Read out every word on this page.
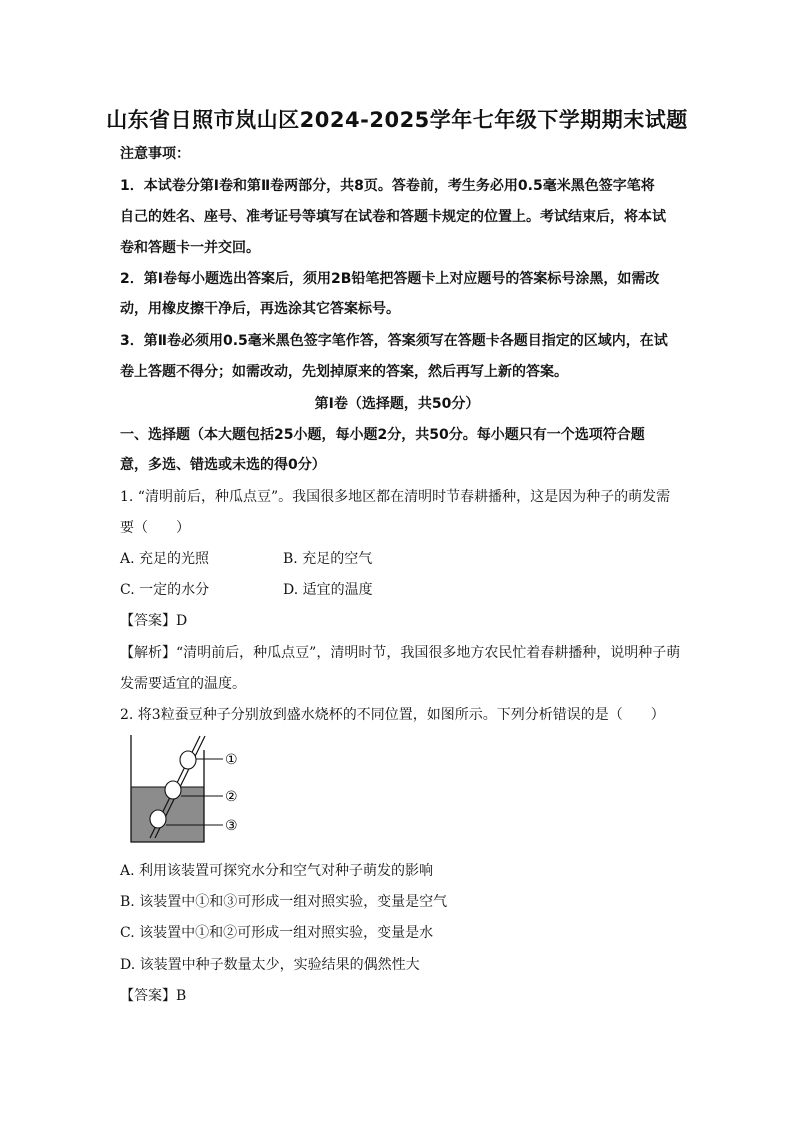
山东省日照市岚山区2024-2025学年七年级下学期期末试题
注意事项：
1．本试卷分第Ⅰ卷和第Ⅱ卷两部分，共8页。答卷前，考生务必用0.5毫米黑色签字笔将
自己的姓名、座号、准考证号等填写在试卷和答题卡规定的位置上。考试结束后，将本试
卷和答题卡一并交回。
2．第Ⅰ卷每小题选出答案后，须用2B铅笔把答题卡上对应题号的答案标号涂黑，如需改
动，用橡皮擦干净后，再选涂其它答案标号。
3．第Ⅱ卷必须用0.5毫米黑色签字笔作答，答案须写在答题卡各题目指定的区域内，在试
卷上答题不得分；如需改动，先划掉原来的答案，然后再写上新的答案。
第Ⅰ卷（选择题，共50分）
一、选择题（本大题包括25小题，每小题2分，共50分。每小题只有一个选项符合题
意，多选、错选或未选的得0分）
1. “清明前后，种瓜点豆”。我国很多地区都在清明时节春耕播种，这是因为种子的萌发需
要（　　）
A. 充足的光照	B. 充足的空气
C. 一定的水分	D. 适宜的温度
【答案】D
【解析】“清明前后，种瓜点豆”，清明时节，我国很多地方农民忙着春耕播种，说明种子萌
发需要适宜的温度。
2. 将3粒蚕豆种子分别放到盛水烧杯的不同位置，如图所示。下列分析错误的是（　　）
①
②
③
A. 利用该装置可探究水分和空气对种子萌发的影响
B. 该装置中①和③可形成一组对照实验，变量是空气
C. 该装置中①和②可形成一组对照实验，变量是水
D. 该装置中种子数量太少，实验结果的偶然性大
【答案】B
